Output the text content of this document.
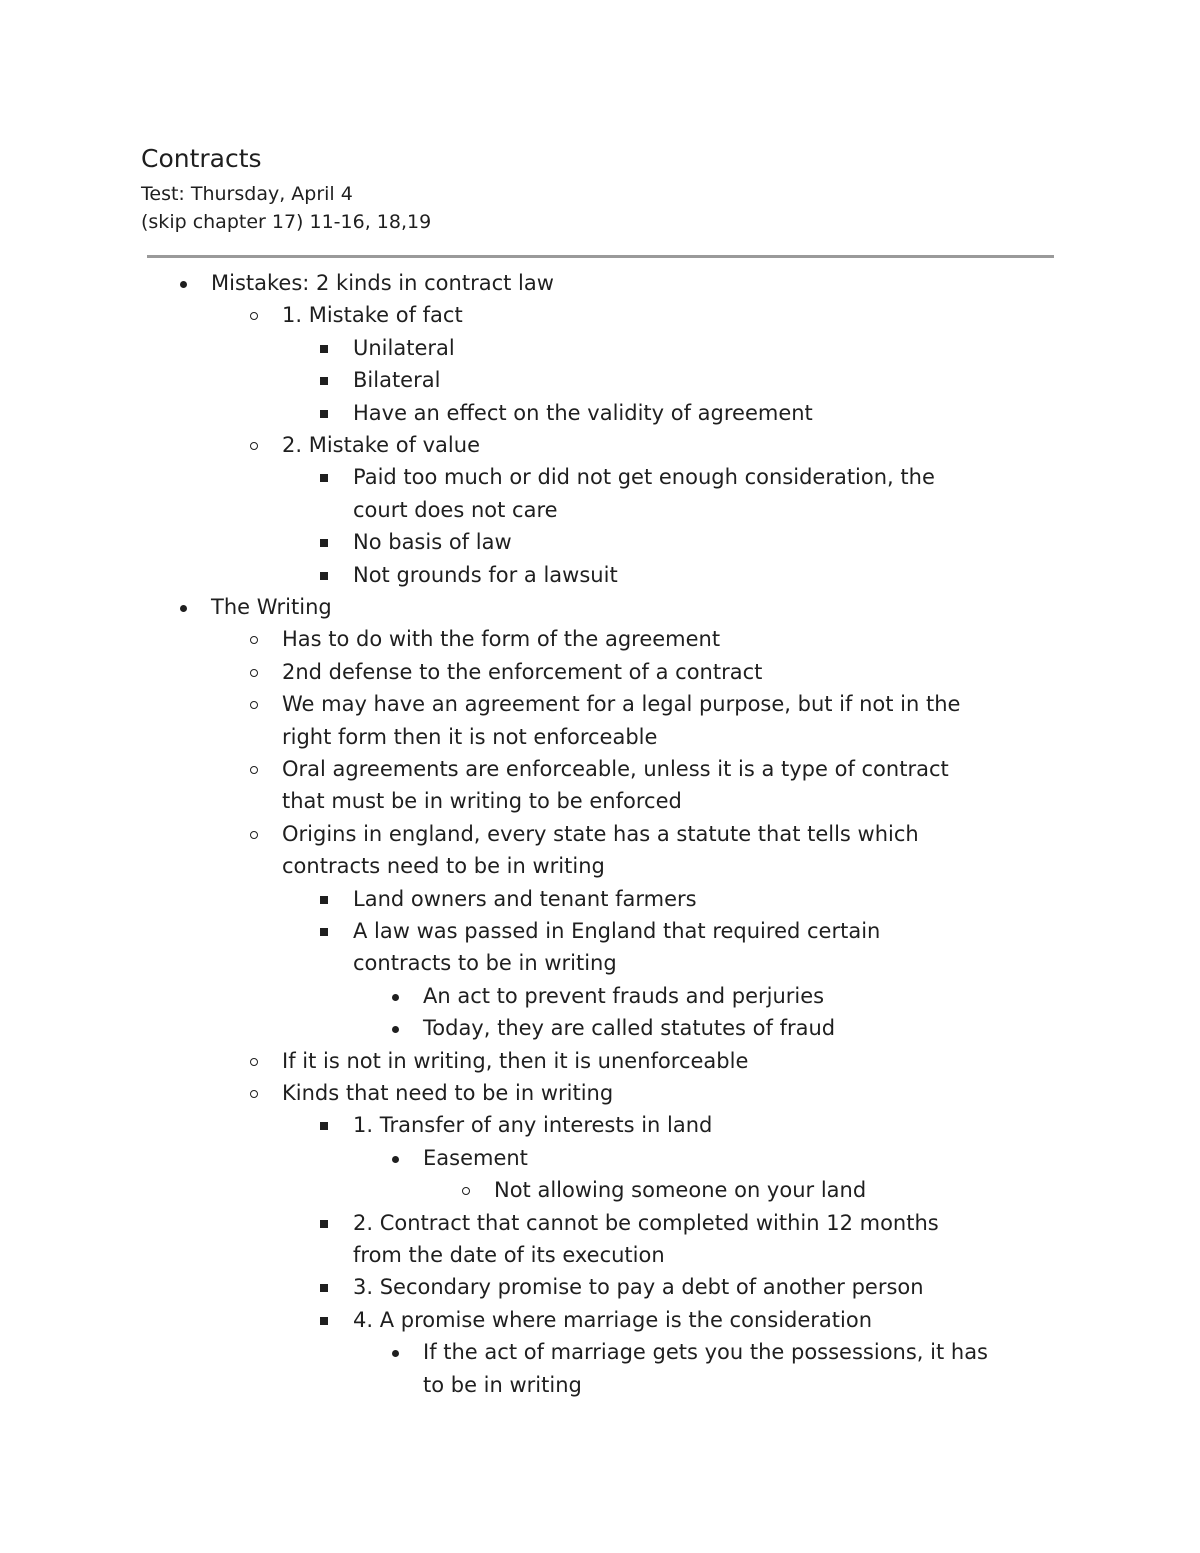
Contracts

Test: Thursday, April 4

(skip chapter 17) 11-16, 18,19

Mistakes: 2 kinds in contract law
1. Mistake of fact
Unilateral
Bilateral
Have an effect on the validity of agreement
2. Mistake of value
Paid too much or did not get enough consideration, the
court does not care
No basis of law
Not grounds for a lawsuit
The Writing
Has to do with the form of the agreement
2nd defense to the enforcement of a contract
We may have an agreement for a legal purpose, but if not in the
right form then it is not enforceable
Oral agreements are enforceable, unless it is a type of contract
that must be in writing to be enforced
Origins in england, every state has a statute that tells which
contracts need to be in writing
Land owners and tenant farmers
A law was passed in England that required certain
contracts to be in writing
An act to prevent frauds and perjuries
Today, they are called statutes of fraud
If it is not in writing, then it is unenforceable
Kinds that need to be in writing
1. Transfer of any interests in land
Easement
Not allowing someone on your land
2. Contract that cannot be completed within 12 months
from the date of its execution
3. Secondary promise to pay a debt of another person
4. A promise where marriage is the consideration
If the act of marriage gets you the possessions, it has
to be in writing
